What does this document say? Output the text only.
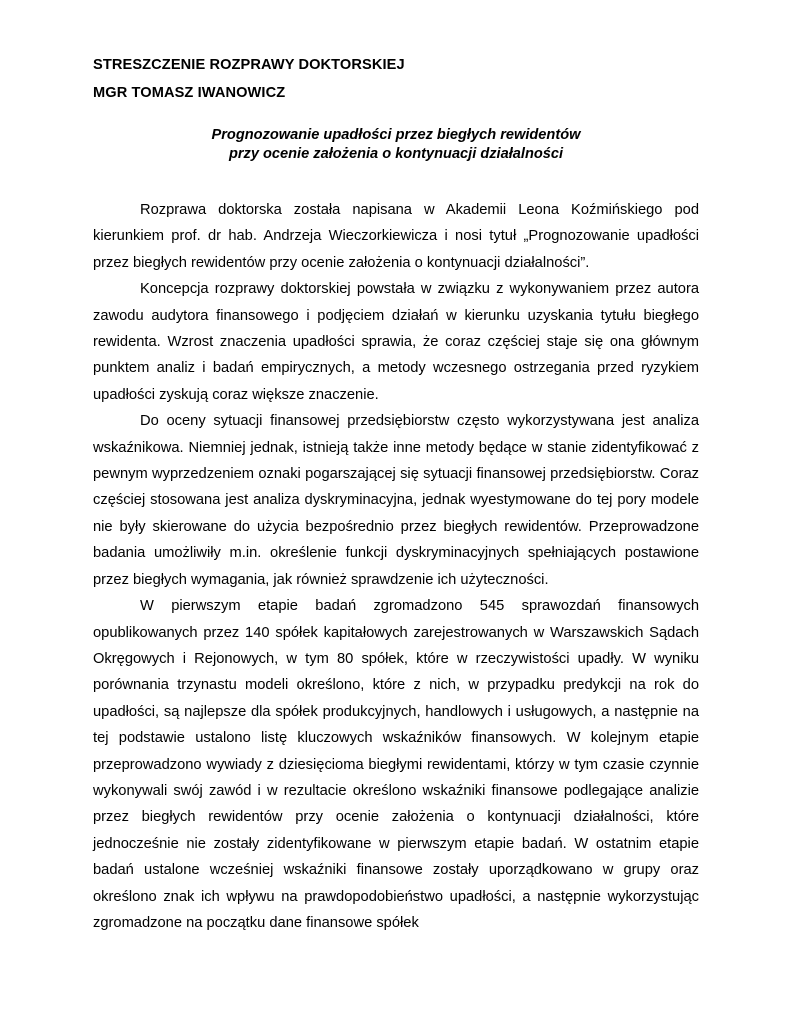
STRESZCZENIE ROZPRAWY DOKTORSKIEJ
MGR TOMASZ IWANOWICZ
Prognozowanie upadłości przez biegłych rewidentów
przy ocenie założenia o kontynuacji działalności

Rozprawa doktorska została napisana w Akademii Leona Koźmińskiego pod kierunkiem prof. dr hab. Andrzeja Wieczorkiewicza i nosi tytuł „Prognozowanie upadłości przez biegłych rewidentów przy ocenie założenia o kontynuacji działalności”.

Koncepcja rozprawy doktorskiej powstała w związku z wykonywaniem przez autora zawodu audytora finansowego i podjęciem działań w kierunku uzyskania tytułu biegłego rewidenta. Wzrost znaczenia upadłości sprawia, że coraz częściej staje się ona głównym punktem analiz i badań empirycznych, a metody wczesnego ostrzegania przed ryzykiem upadłości zyskują coraz większe znaczenie.

Do oceny sytuacji finansowej przedsiębiorstw często wykorzystywana jest analiza wskaźnikowa. Niemniej jednak, istnieją także inne metody będące w stanie zidentyfikować z pewnym wyprzedzeniem oznaki pogarszającej się sytuacji finansowej przedsiębiorstw. Coraz częściej stosowana jest analiza dyskryminacyjna, jednak wyestymowane do tej pory modele nie były skierowane do użycia bezpośrednio przez biegłych rewidentów. Przeprowadzone badania umożliwiły m.in. określenie funkcji dyskryminacyjnych spełniających postawione przez biegłych wymagania, jak również sprawdzenie ich użyteczności.

W pierwszym etapie badań zgromadzono 545 sprawozdań finansowych opublikowanych przez 140 spółek kapitałowych zarejestrowanych w Warszawskich Sądach Okręgowych i Rejonowych, w tym 80 spółek, które w rzeczywistości upadły. W wyniku porównania trzynastu modeli określono, które z nich, w przypadku predykcji na rok do upadłości, są najlepsze dla spółek produkcyjnych, handlowych i usługowych, a następnie na tej podstawie ustalono listę kluczowych wskaźników finansowych. W kolejnym etapie przeprowadzono wywiady z dziesięcioma biegłymi rewidentami, którzy w tym czasie czynnie wykonywali swój zawód i w rezultacie określono wskaźniki finansowe podlegające analizie przez biegłych rewidentów przy ocenie założenia o kontynuacji działalności, które jednocześnie nie zostały zidentyfikowane w pierwszym etapie badań. W ostatnim etapie badań ustalone wcześniej wskaźniki finansowe zostały uporządkowano w grupy oraz określono znak ich wpływu na prawdopodobieństwo upadłości, a następnie wykorzystując zgromadzone na początku dane finansowe spółek
